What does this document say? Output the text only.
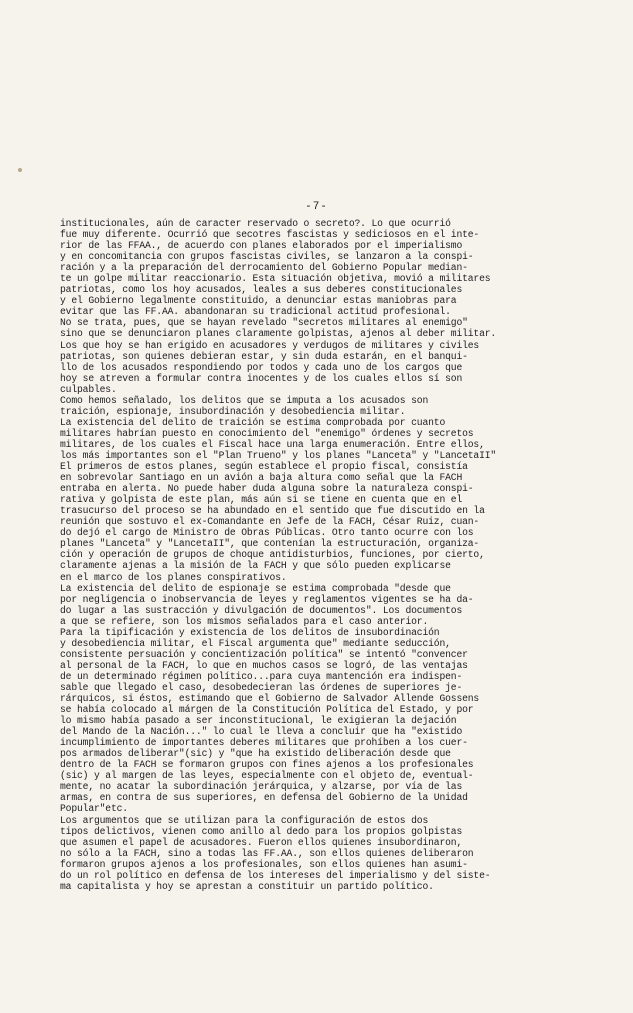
-7-
institucionales, aún de caracter reservado o secreto?. Lo que ocurrió
fue muy diferente. Ocurrió que secotres fascistas y sediciosos en el inte-
rior de las FFAA., de acuerdo con planes elaborados por el imperialismo
y en concomitancia con grupos fascistas civiles, se lanzaron a la conspi-
ración y a la preparación del derrocamiento del Gobierno Popular median-
te un golpe militar reaccionario. Esta situación objetiva, movió a militares
patriotas, como los hoy acusados, leales a sus deberes constitucionales
y el Gobierno legalmente constituido, a denunciar estas maniobras para
evitar que las FF.AA. abandonaran su tradicional actitud profesional.
No se trata, pues, que se hayan revelado "secretos militares al enemigo"
sino que se denunciaron planes claramente golpistas, ajenos al deber militar.
Los que hoy se han erigido en acusadores y verdugos de militares y civiles
patriotas, son quienes debieran estar, y sin duda estarán, en el banqui-
llo de los acusados respondiendo por todos y cada uno de los cargos que
hoy se atreven a formular contra inocentes y de los cuales ellos sí son
culpables.
Como hemos señalado, los delitos que se imputa a los acusados son
traición, espionaje, insubordinación y desobediencia militar.
La existencia del delito de traición se estima comprobada por cuanto
militares habrían puesto en conocimiento del "enemigo" órdenes y secretos
militares, de los cuales el Fiscal hace una larga enumeración. Entre ellos,
los más importantes son el "Plan Trueno" y los planes "Lanceta" y "LancetaII"
El primeros de estos planes, según establece el propio fiscal, consistía
en sobrevolar Santiago en un avión a baja altura como señal que la FACH
entraba en alerta. No puede haber duda alguna sobre la naturaleza conspi-
rativa y golpista de este plan, más aún si se tiene en cuenta que en el
trasucurso del proceso se ha abundado en el sentido que fue discutido en la
reunión que sostuvo el ex-Comandante en Jefe de la FACH, César Ruiz, cuan-
do dejó el cargo de Ministro de Obras Públicas. Otro tanto ocurre con los
planes "Lanceta" y "LancetaII", que contenían la estructuración, organiza-
ción y operación de grupos de choque antidisturbios, funciones, por cierto,
claramente ajenas a la misión de la FACH y que sólo pueden explicarse
en el marco de los planes conspirativos.
La existencia del delito de espionaje se estima comprobada "desde que
por negligencia o inobservancia de leyes y reglamentos vigentes se ha da-
do lugar a las sustracción y divulgación de documentos". Los documentos
a que se refiere, son los mismos señalados para el caso anterior.
Para la tipificación y existencia de los delitos de insubordinación
y desobediencia militar, el Fiscal argumenta que" mediante seducción,
consistente persuación y concientización política" se intentó "convencer
al personal de la FACH, lo que en muchos casos se logró, de las ventajas
de un determinado régimen político...para cuya mantención era indispen-
sable que llegado el caso, desobedecieran las órdenes de superiores je-
rárquicos, si éstos, estimando que el Gobierno de Salvador Allende Gossens
se había colocado al márgen de la Constitución Política del Estado, y por
lo mismo había pasado a ser inconstitucional, le exigieran la dejación
del Mando de la Nación..." lo cual le lleva a concluir que ha "existido
incumplimiento de importantes deberes militares que prohíben a los cuer-
pos armados deliberar"(sic) y "que ha existido deliberación desde que
dentro de la FACH se formaron grupos con fines ajenos a los profesionales
(sic) y al margen de las leyes, especialmente con el objeto de, eventual-
mente, no acatar la subordinación jerárquica, y alzarse, por vía de las
armas, en contra de sus superiores, en defensa del Gobierno de la Unidad
Popular"etc.
Los argumentos que se utilizan para la configuración de estos dos
tipos delictivos, vienen como anillo al dedo para los propios golpistas
que asumen el papel de acusadores. Fueron ellos quienes insubordinaron,
no sólo a la FACH, sino a todas las FF.AA., son ellos quienes deliberaron
formaron grupos ajenos a los profesionales, son ellos quienes han asumi-
do un rol político en defensa de los intereses del imperialismo y del siste-
ma capitalista y hoy se aprestan a constituir un partido político.
